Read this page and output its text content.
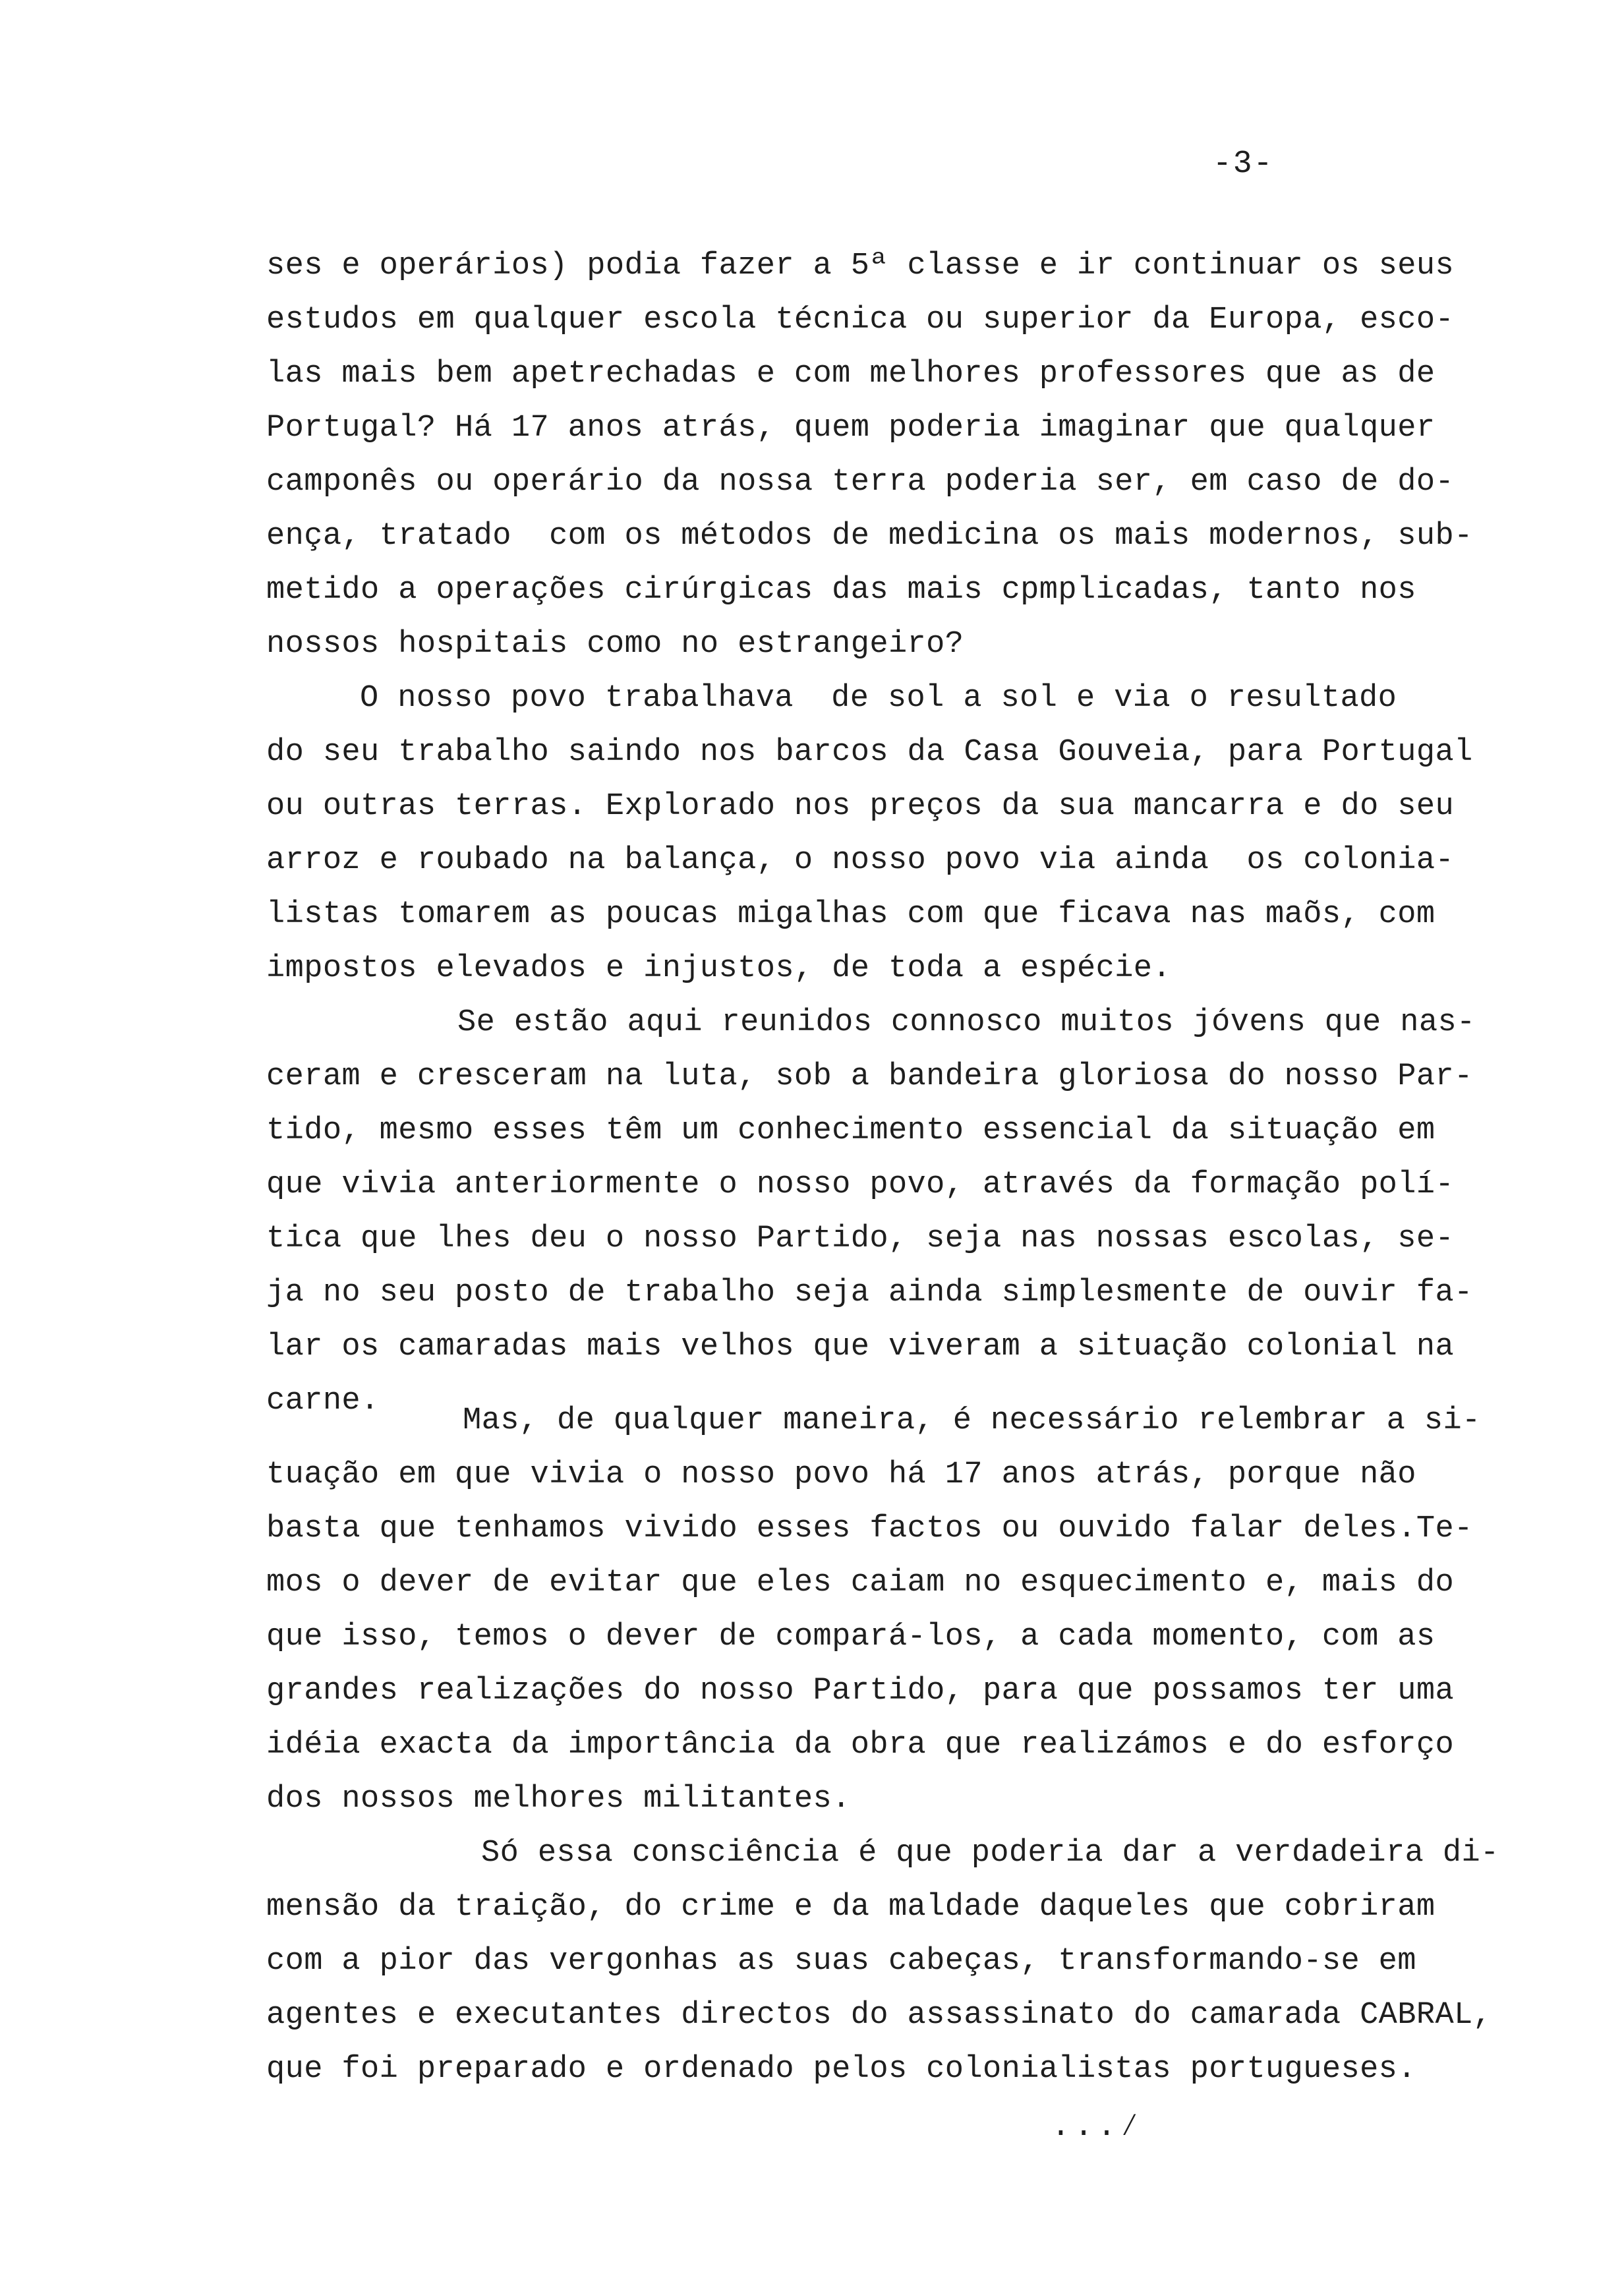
-3-
ses e operários) podia fazer a 5ª classe e ir continuar os seus
estudos em qualquer escola técnica ou superior da Europa, esco-
las mais bem apetrechadas e com melhores professores que as de
Portugal? Há 17 anos atrás, quem poderia imaginar que qualquer
camponês ou operário da nossa terra poderia ser, em caso de do-
ença, tratado  com os métodos de medicina os mais modernos, sub-
metido a operações cirúrgicas das mais cpmplicadas, tanto nos
nossos hospitais como no estrangeiro?
O nosso povo trabalhava  de sol a sol e via o resultado
do seu trabalho saindo nos barcos da Casa Gouveia, para Portugal
ou outras terras. Explorado nos preços da sua mancarra e do seu
arroz e roubado na balança, o nosso povo via ainda  os colonia-
listas tomarem as poucas migalhas com que ficava nas maõs, com
impostos elevados e injustos, de toda a espécie.
Se estão aqui reunidos connosco muitos jóvens que nas-
ceram e cresceram na luta, sob a bandeira gloriosa do nosso Par-
tido, mesmo esses têm um conhecimento essencial da situação em
que vivia anteriormente o nosso povo, através da formação polí-
tica que lhes deu o nosso Partido, seja nas nossas escolas, se-
ja no seu posto de trabalho seja ainda simplesmente de ouvir fa-
lar os camaradas mais velhos que viveram a situação colonial na
carne.
Mas, de qualquer maneira, é necessário relembrar a si-
tuação em que vivia o nosso povo há 17 anos atrás, porque não
basta que tenhamos vivido esses factos ou ouvido falar deles.Te-
mos o dever de evitar que eles caiam no esquecimento e, mais do
que isso, temos o dever de compará-los, a cada momento, com as
grandes realizações do nosso Partido, para que possamos ter uma
idéia exacta da importância da obra que realizámos e do esforço
dos nossos melhores militantes.
Só essa consciência é que poderia dar a verdadeira di-
mensão da traição, do crime e da maldade daqueles que cobriram
com a pior das vergonhas as suas cabeças, transformando-se em
agentes e executantes directos do assassinato do camarada CABRAL,
que foi preparado e ordenado pelos colonialistas portugueses.
...∕
